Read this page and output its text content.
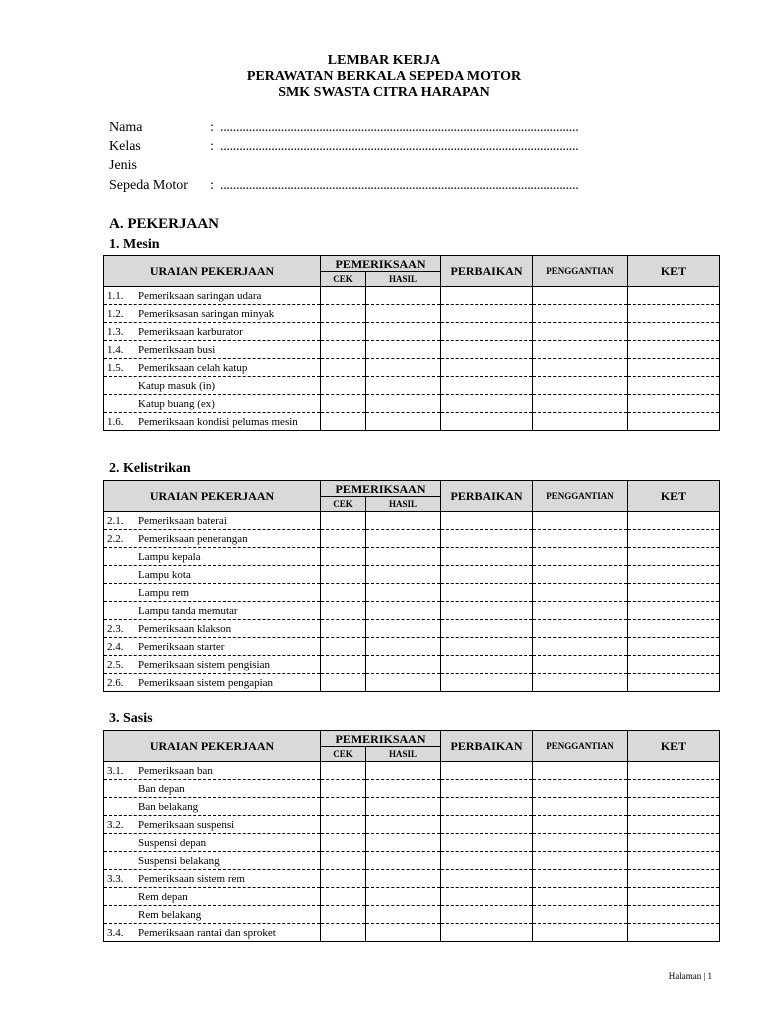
LEMBAR KERJA
PERAWATAN BERKALA SEPEDA MOTOR
SMK SWASTA CITRA HARAPAN
Nama	: ................................................................................................................
Kelas	: ................................................................................................................
Jenis
Sepeda Motor : ................................................................................................................
A. PEKERJAAN
1. Mesin
URAIAN PEKERJAAN	PEMERIKSAAN		PERBAIKAN	PENGGANTIAN	KET
	CEK	HASIL			
1.1. Pemeriksaan saringan udara					
1.2. Pemeriksasan saringan minyak					
1.3. Pemeriksaan karburator					
1.4. Pemeriksaan busi					
1.5. Pemeriksaan celah katup					
Katup masuk (in)					
Katup buang (ex)					
1.6. Pemeriksaan kondisi pelumas mesin					
2. Kelistrikan
URAIAN PEKERJAAN	PEMERIKSAAN		PERBAIKAN	PENGGANTIAN	KET
	CEK	HASIL			
2.1. Pemeriksaan baterai					
2.2. Pemeriksaan penerangan					
Lampu kepala					
Lampu kota					
Lampu rem					
Lampu tanda memutar					
2.3. Pemeriksaan klakson					
2.4. Pemeriksaan starter					
2.5. Pemeriksaan sistem pengisian					
2.6. Pemeriksaan sistem pengapian					
3. Sasis
URAIAN PEKERJAAN	PEMERIKSAAN		PERBAIKAN	PENGGANTIAN	KET
	CEK	HASIL			
3.1. Pemeriksaan ban					
Ban depan					
Ban belakang					
3.2. Pemeriksaan suspensi					
Suspensi depan					
Suspensi belakang					
3.3. Pemeriksaan sistem rem					
Rem depan					
Rem belakang					
3.4. Pemeriksaan rantai dan sproket					
Halaman | 1
